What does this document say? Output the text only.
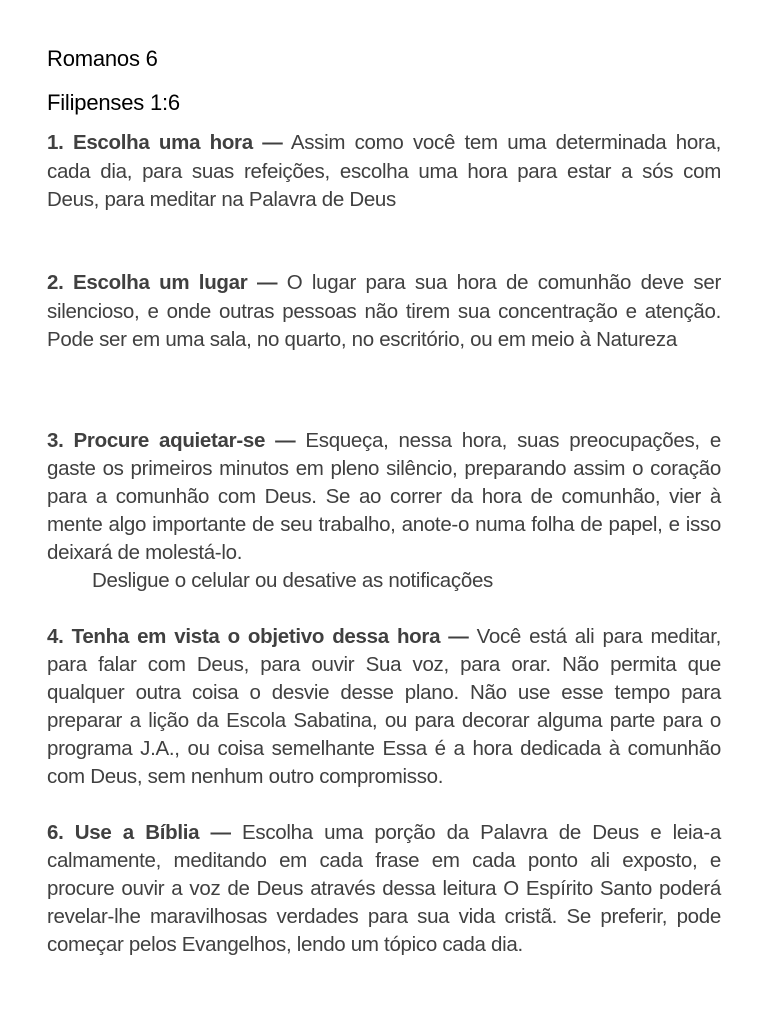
Romanos 6
Filipenses 1:6
1. Escolha uma hora — Assim como você tem uma determinada hora, cada dia, para suas refeições, escolha uma hora para estar a sós com Deus, para meditar na Palavra de Deus
2. Escolha um lugar — O lugar para sua hora de comunhão deve ser silencioso, e onde outras pessoas não tirem sua concentração e atenção. Pode ser em uma sala, no quarto, no escritório, ou em meio à Natureza
3. Procure aquietar-se — Esqueça, nessa hora, suas preocupações, e gaste os primeiros minutos em pleno silêncio, preparando assim o coração para a comunhão com Deus. Se ao correr da hora de comunhão, vier à mente algo importante de seu trabalho, anote-o numa folha de papel, e isso deixará de molestá-lo.
Desligue o celular ou desative as notificações
4. Tenha em vista o objetivo dessa hora — Você está ali para meditar, para falar com Deus, para ouvir Sua voz, para orar. Não permita que qualquer outra coisa o desvie desse plano. Não use esse tempo para preparar a lição da Escola Sabatina, ou para decorar alguma parte para o programa J.A., ou coisa semelhante Essa é a hora dedicada à comunhão com Deus, sem nenhum outro compromisso.
6. Use a Bíblia — Escolha uma porção da Palavra de Deus e leia-a calmamente, meditando em cada frase em cada ponto ali exposto, e procure ouvir a voz de Deus através dessa leitura O Espírito Santo poderá revelar-lhe maravilhosas verdades para sua vida cristã. Se preferir, pode começar pelos Evangelhos, lendo um tópico cada dia.
